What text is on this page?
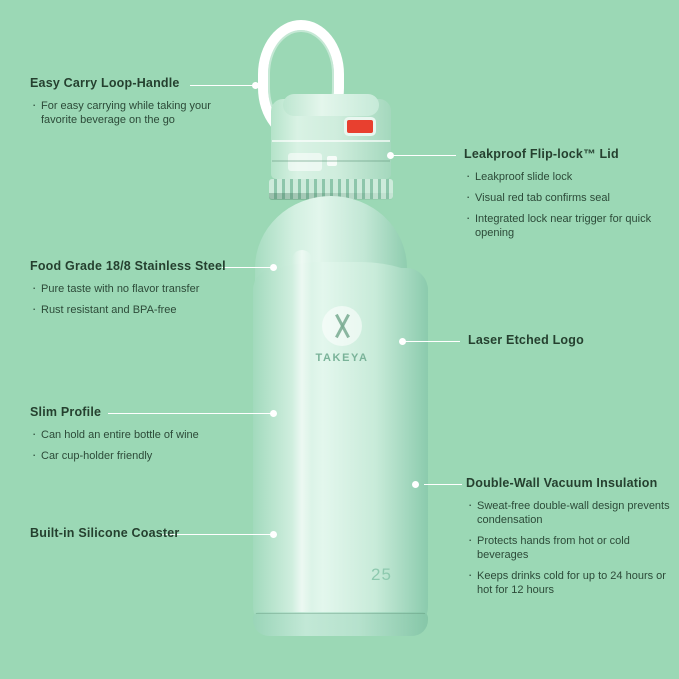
TAKEYA
25
Easy Carry Loop-Handle
· For easy carrying while taking your favorite beverage on the go
Food Grade 18/8 Stainless Steel
· Pure taste with no flavor transfer
· Rust resistant and BPA-free
Slim Profile
· Can hold an entire bottle of wine
· Car cup-holder friendly
Built-in Silicone Coaster
Leakproof Flip-lock™ Lid
· Leakproof slide lock
· Visual red tab confirms seal
· Integrated lock near trigger for quick opening
Laser Etched Logo
Double-Wall Vacuum Insulation
· Sweat-free double-wall design prevents condensation
· Protects hands from hot or cold beverages
· Keeps drinks cold for up to 24 hours or hot for 12 hours
